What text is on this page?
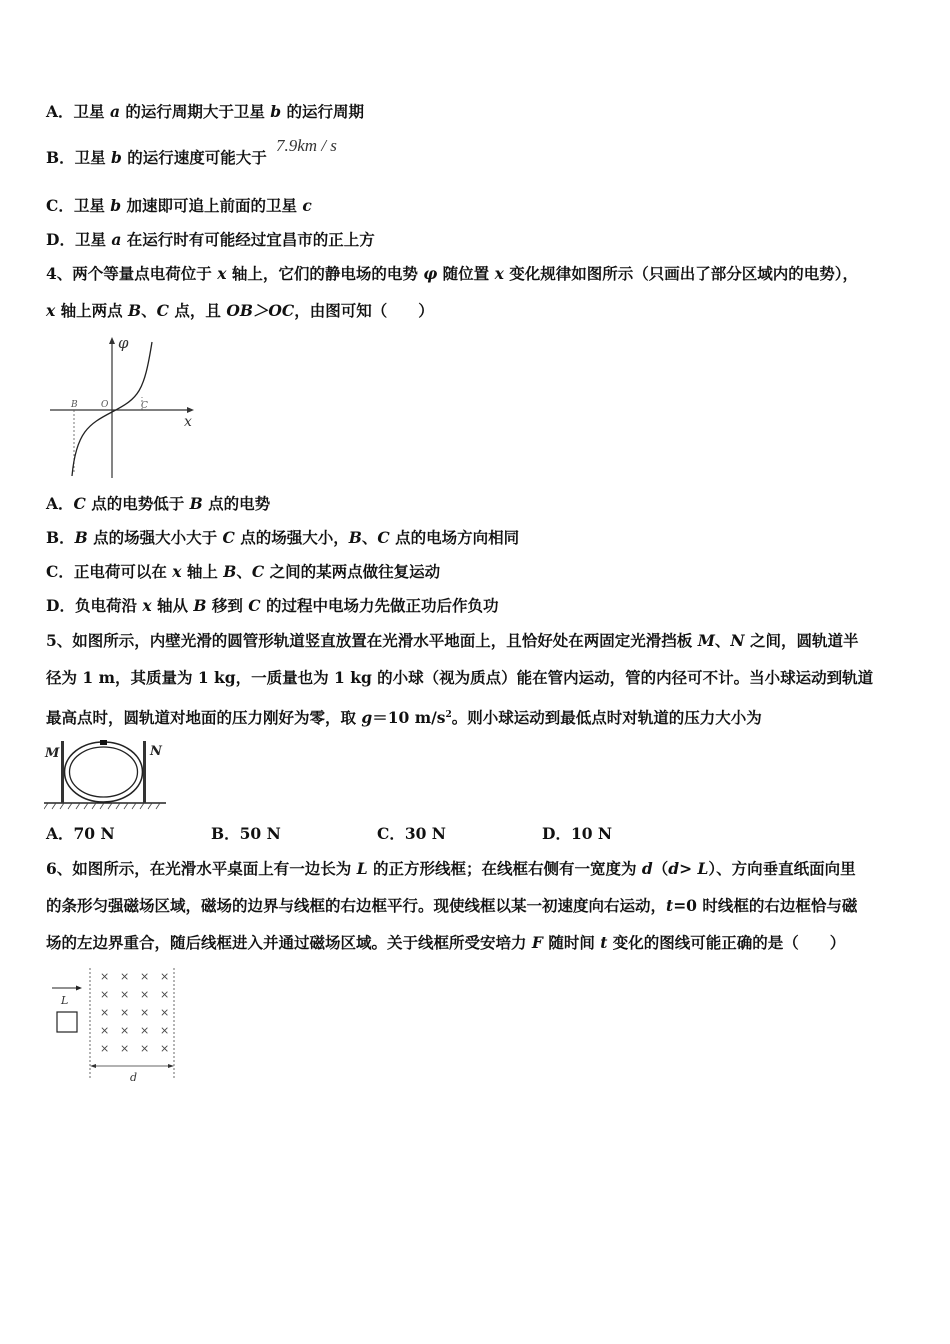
A．卫星 a 的运行周期大于卫星 b 的运行周期
B．卫星 b 的运行速度可能大于
7.9km / s
C．卫星 b 加速即可追上前面的卫星 c
D．卫星 a 在运行时有可能经过宜昌市的正上方
4、两个等量点电荷位于 x 轴上，它们的静电场的电势 φ 随位置 x 变化规律如图所示（只画出了部分区域内的电势），
x 轴上两点 B、C 点，且 OB＞OC，由图可知（　　）
φ
x
B	O	C
A．C 点的电势低于 B 点的电势
B．B 点的场强大小大于 C 点的场强大小，B、C 点的电场方向相同
C．正电荷可以在 x 轴上 B、C 之间的某两点做往复运动
D．负电荷沿 x 轴从 B 移到 C 的过程中电场力先做正功后作负功
5、如图所示，内壁光滑的圆管形轨道竖直放置在光滑水平地面上，且恰好处在两固定光滑挡板 M、N 之间，圆轨道半
径为 1 m，其质量为 1 kg，一质量也为 1 kg 的小球（视为质点）能在管内运动，管的内径可不计。当小球运动到轨道
最高点时，圆轨道对地面的压力刚好为零，取 g＝10 $m/s^2$。则小球运动到最低点时对轨道的压力大小为
M	N
A．70 N	B．50 N	C．30 N	D．10 N
6、如图所示，在光滑水平桌面上有一边长为 L 的正方形线框；在线框右侧有一宽度为 d（d> L）、方向垂直纸面向里
的条形匀强磁场区域，磁场的边界与线框的右边框平行。现使线框以某一初速度向右运动，t=0 时线框的右边框恰与磁
场的左边界重合，随后线框进入并通过磁场区域。关于线框所受安培力 F 随时间 t 变化的图线可能正确的是（　　）
L
× × × ×
× × × ×
× × × ×
× × × ×
× × × ×
d
